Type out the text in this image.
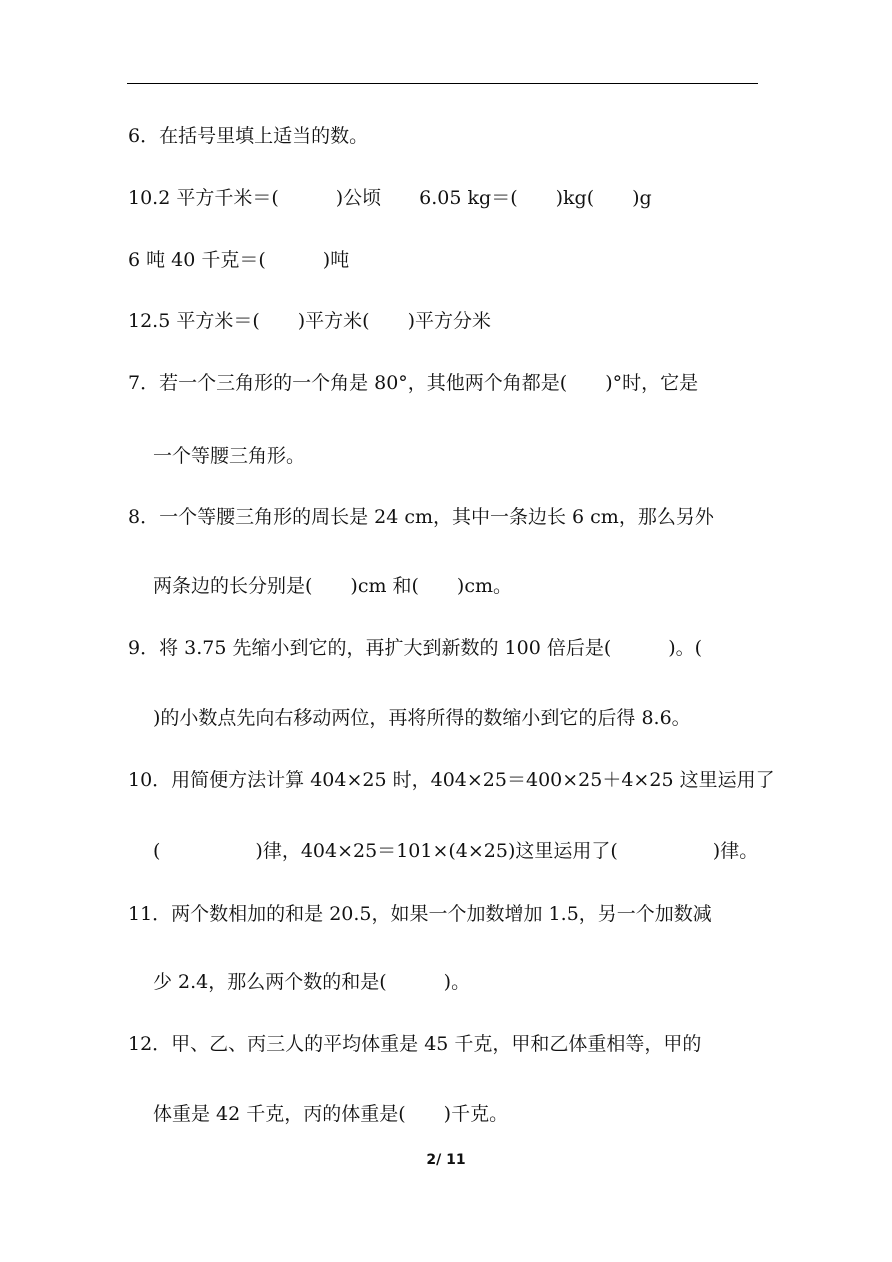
6．在括号里填上适当的数。
10.2 平方千米＝(　　　)公顷　　6.05 kg＝(　　)kg(　　)g
6 吨 40 千克＝(　　　)吨
12.5 平方米＝(　　)平方米(　　)平方分米
7．若一个三角形的一个角是 80°，其他两个角都是(　　)°时，它是
一个等腰三角形。
8．一个等腰三角形的周长是 24 cm，其中一条边长 6 cm，那么另外
两条边的长分别是(　　)cm 和(　　)cm。
9．将 3.75 先缩小到它的，再扩大到新数的 100 倍后是(　　　)。(
)的小数点先向右移动两位，再将所得的数缩小到它的后得 8.6。
10．用简便方法计算 404×25 时，404×25＝400×25＋4×25 这里运用了
(　　　　　)律，404×25＝101×(4×25)这里运用了(　　　　　)律。
11．两个数相加的和是 20.5，如果一个加数增加 1.5，另一个加数减
少 2.4，那么两个数的和是(　　　)。
12．甲、乙、丙三人的平均体重是 45 千克，甲和乙体重相等，甲的
体重是 42 千克，丙的体重是(　　)千克。
2/ 11
